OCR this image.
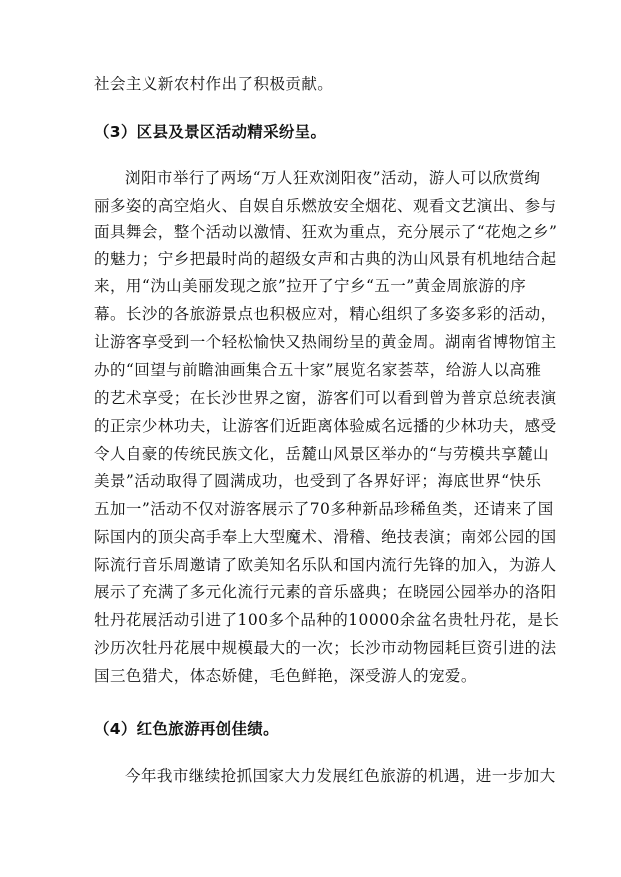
社会主义新农村作出了积极贡献。
（3）区县及景区活动精采纷呈。
浏阳市举行了两场“万人狂欢浏阳夜”活动，游人可以欣赏绚
丽多姿的高空焰火、自娱自乐燃放安全烟花、观看文艺演出、参与
面具舞会，整个活动以激情、狂欢为重点，充分展示了“花炮之乡”
的魅力；宁乡把最时尚的超级女声和古典的沩山风景有机地结合起
来，用“沩山美丽发现之旅”拉开了宁乡“五一”黄金周旅游的序
幕。长沙的各旅游景点也积极应对，精心组织了多姿多彩的活动，
让游客享受到一个轻松愉快又热闹纷呈的黄金周。湖南省博物馆主
办的“回望与前瞻油画集合五十家”展览名家荟萃，给游人以高雅
的艺术享受；在长沙世界之窗，游客们可以看到曾为普京总统表演
的正宗少林功夫，让游客们近距离体验威名远播的少林功夫，感受
令人自豪的传统民族文化，岳麓山风景区举办的“与劳模共享麓山
美景”活动取得了圆满成功，也受到了各界好评；海底世界“快乐
五加一”活动不仅对游客展示了70多种新品珍稀鱼类，还请来了国
际国内的顶尖高手奉上大型魔术、滑稽、绝技表演；南郊公园的国
际流行音乐周邀请了欧美知名乐队和国内流行先锋的加入，为游人
展示了充满了多元化流行元素的音乐盛典；在晓园公园举办的洛阳
牡丹花展活动引进了100多个品种的10000余盆名贵牡丹花，是长
沙历次牡丹花展中规模最大的一次；长沙市动物园耗巨资引进的法
国三色猎犬，体态娇健，毛色鲜艳，深受游人的宠爱。
（4）红色旅游再创佳绩。
今年我市继续抢抓国家大力发展红色旅游的机遇，进一步加大
